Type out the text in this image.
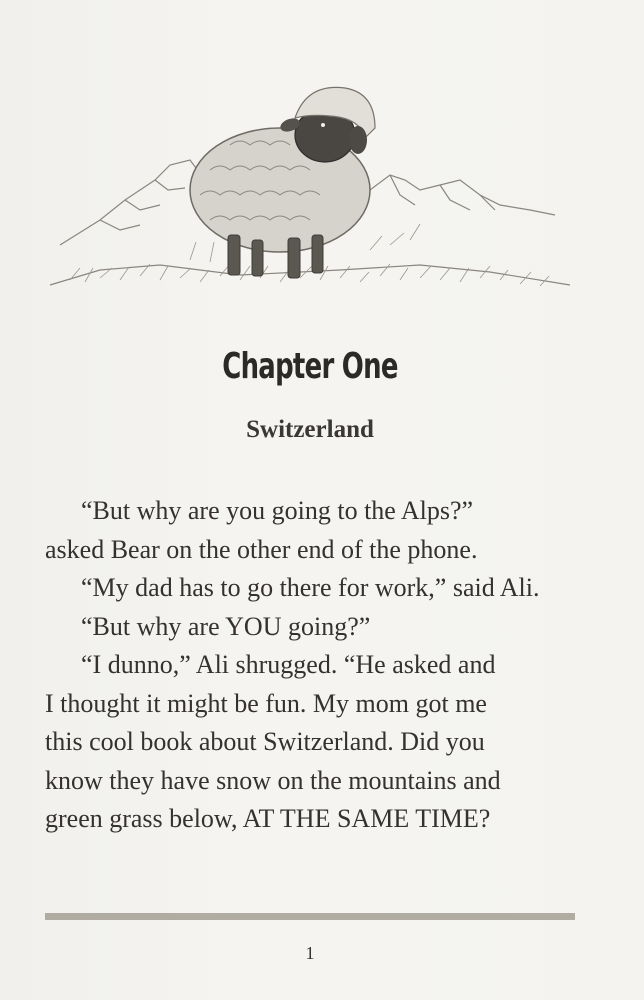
Chapter One
Switzerland

“But why are you going to the Alps?”

asked Bear on the other end of the phone.

“My dad has to go there for work,” said Ali.

“But why are YOU going?”

“I dunno,” Ali shrugged. “He asked and

I thought it might be fun. My mom got me

this cool book about Switzerland. Did you

know they have snow on the mountains and

green grass below, AT THE SAME TIME?

1
